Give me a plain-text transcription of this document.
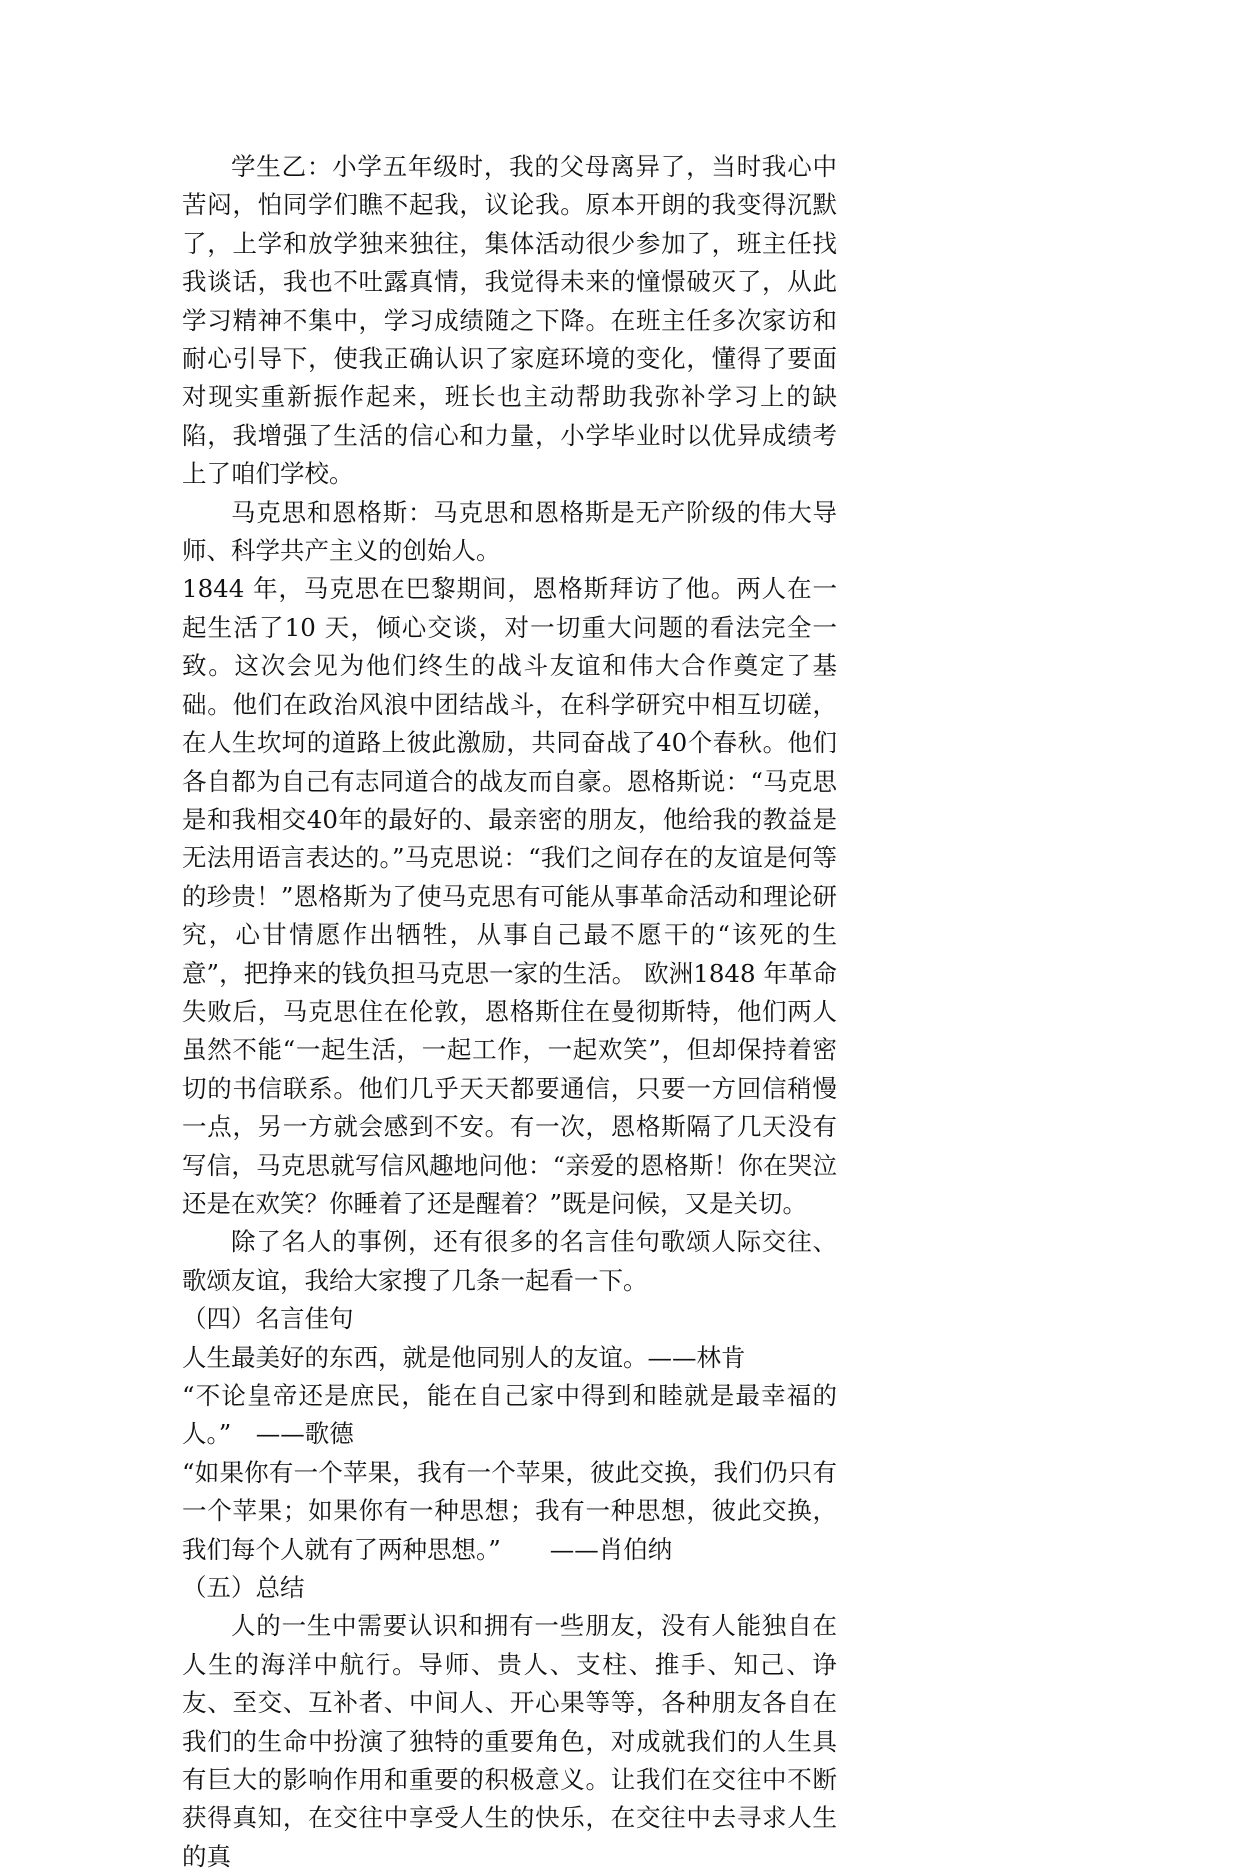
学生乙：小学五年级时，我的父母离异了，当时我心中苦闷，怕同学们瞧不起我，议论我。原本开朗的我变得沉默了，上学和放学独来独往，集体活动很少参加了，班主任找我谈话，我也不吐露真情，我觉得未来的憧憬破灭了，从此学习精神不集中，学习成绩随之下降。在班主任多次家访和耐心引导下，使我正确认识了家庭环境的变化，懂得了要面对现实重新振作起来，班长也主动帮助我弥补学习上的缺陷，我增强了生活的信心和力量，小学毕业时以优异成绩考上了咱们学校。

马克思和恩格斯：马克思和恩格斯是无产阶级的伟大导师、科学共产主义的创始人。

1844 年，马克思在巴黎期间，恩格斯拜访了他。两人在一起生活了10 天，倾心交谈，对一切重大问题的看法完全一致。这次会见为他们终生的战斗友谊和伟大合作奠定了基础。他们在政治风浪中团结战斗，在科学研究中相互切磋，在人生坎坷的道路上彼此激励，共同奋战了40个春秋。他们各自都为自己有志同道合的战友而自豪。恩格斯说：“马克思是和我相交40年的最好的、最亲密的朋友，他给我的教益是无法用语言表达的。”马克思说：“我们之间存在的友谊是何等的珍贵！”恩格斯为了使马克思有可能从事革命活动和理论研究，心甘情愿作出牺牲，从事自己最不愿干的“该死的生意”，把挣来的钱负担马克思一家的生活。 欧洲1848 年革命失败后，马克思住在伦敦，恩格斯住在曼彻斯特，他们两人虽然不能“一起生活，一起工作，一起欢笑”，但却保持着密切的书信联系。他们几乎天天都要通信，只要一方回信稍慢一点，另一方就会感到不安。有一次，恩格斯隔了几天没有写信，马克思就写信风趣地问他：“亲爱的恩格斯！你在哭泣还是在欢笑？你睡着了还是醒着？”既是问候，又是关切。

除了名人的事例，还有很多的名言佳句歌颂人际交往、歌颂友谊，我给大家搜了几条一起看一下。

（四）名言佳句

人生最美好的东西，就是他同别人的友谊。——林肯

“不论皇帝还是庶民，能在自己家中得到和睦就是最幸福的人。”　——歌德

“如果你有一个苹果，我有一个苹果，彼此交换，我们仍只有一个苹果；如果你有一种思想；我有一种思想，彼此交换，我们每个人就有了两种思想。”　　——肖伯纳

（五）总结

人的一生中需要认识和拥有一些朋友，没有人能独自在人生的海洋中航行。导师、贵人、支柱、推手、知己、诤友、至交、互补者、中间人、开心果等等，各种朋友各自在我们的生命中扮演了独特的重要角色，对成就我们的人生具有巨大的影响作用和重要的积极意义。让我们在交往中不断获得真知，在交往中享受人生的快乐，在交往中去寻求人生的真
